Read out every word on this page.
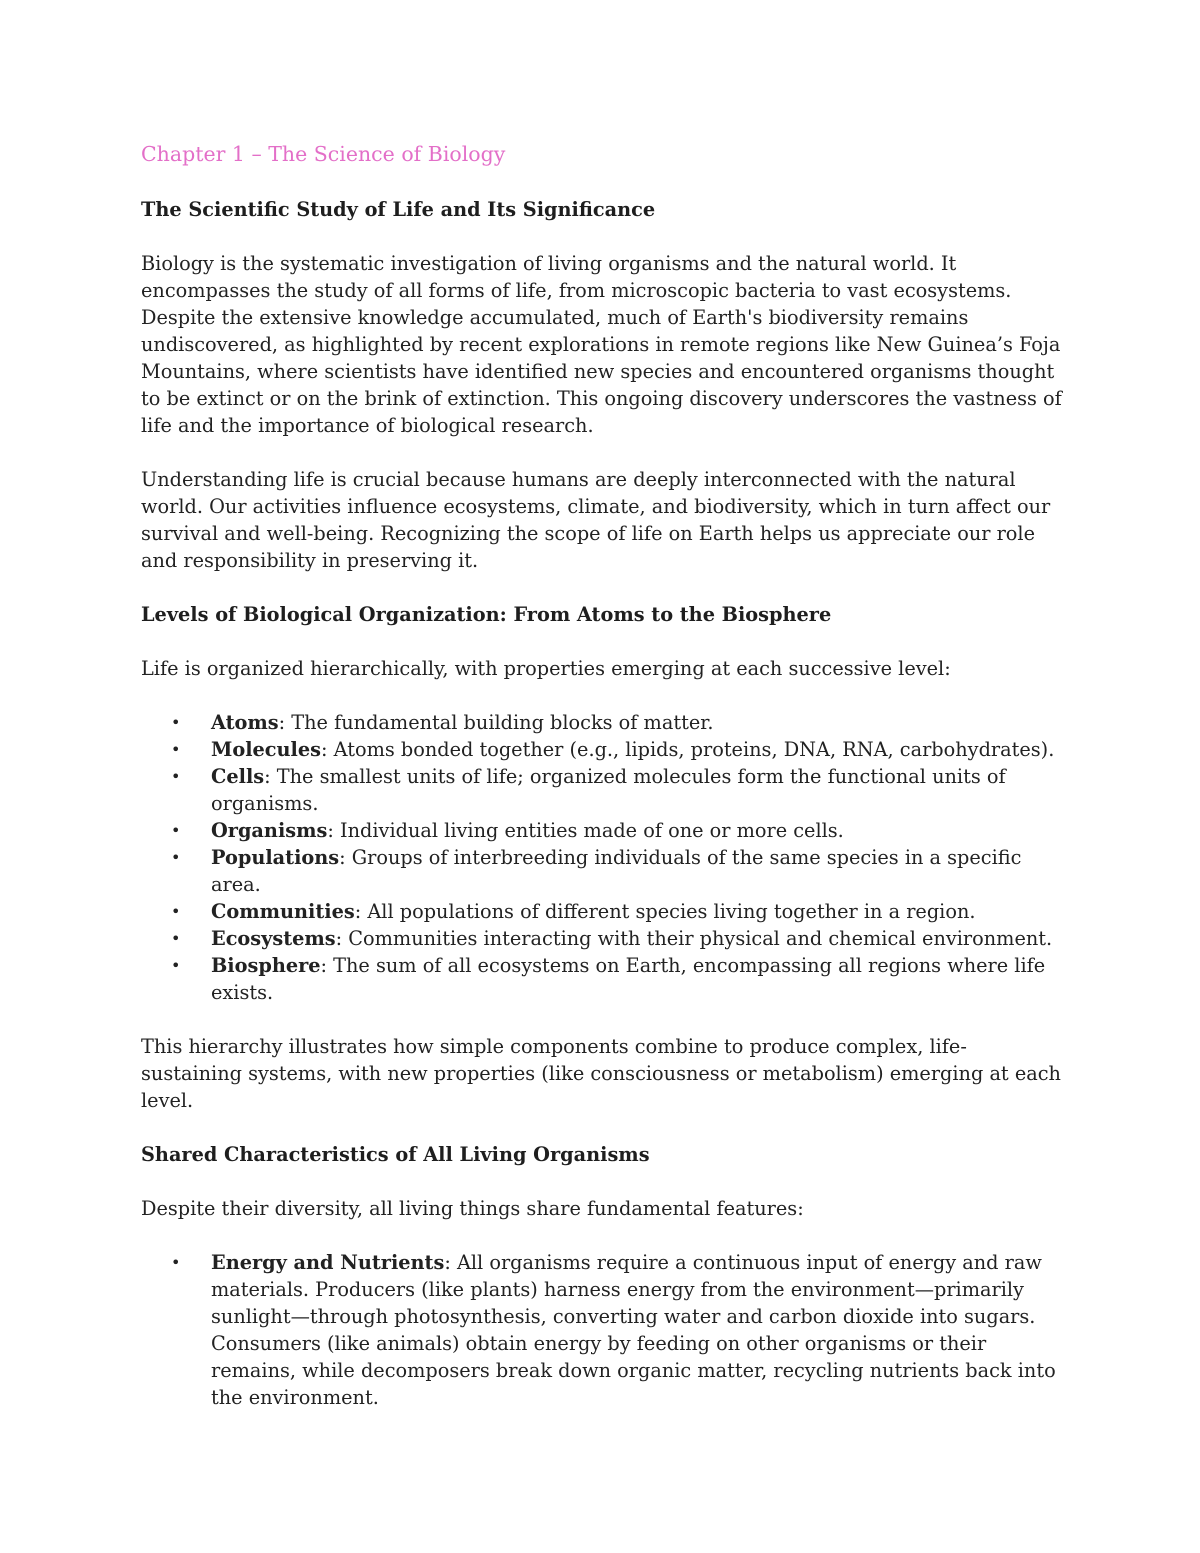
Chapter 1 – The Science of Biology
The Scientific Study of Life and Its Significance

Biology is the systematic investigation of living organisms and the natural world. It encompasses the study of all forms of life, from microscopic bacteria to vast ecosystems. Despite the extensive knowledge accumulated, much of Earth's biodiversity remains undiscovered, as highlighted by recent explorations in remote regions like New Guinea’s Foja Mountains, where scientists have identified new species and encountered organisms thought to be extinct or on the brink of extinction. This ongoing discovery underscores the vastness of life and the importance of biological research.

Understanding life is crucial because humans are deeply interconnected with the natural world. Our activities influence ecosystems, climate, and biodiversity, which in turn affect our survival and well-being. Recognizing the scope of life on Earth helps us appreciate our role and responsibility in preserving it.

Levels of Biological Organization: From Atoms to the Biosphere

Life is organized hierarchically, with properties emerging at each successive level:

• Atoms: The fundamental building blocks of matter.
• Molecules: Atoms bonded together (e.g., lipids, proteins, DNA, RNA, carbohydrates).
• Cells: The smallest units of life; organized molecules form the functional units of organisms.
• Organisms: Individual living entities made of one or more cells.
• Populations: Groups of interbreeding individuals of the same species in a specific area.
• Communities: All populations of different species living together in a region.
• Ecosystems: Communities interacting with their physical and chemical environment.
• Biosphere: The sum of all ecosystems on Earth, encompassing all regions where life exists.

This hierarchy illustrates how simple components combine to produce complex, life-sustaining systems, with new properties (like consciousness or metabolism) emerging at each level.

Shared Characteristics of All Living Organisms

Despite their diversity, all living things share fundamental features:

• Energy and Nutrients: All organisms require a continuous input of energy and raw materials. Producers (like plants) harness energy from the environment—primarily sunlight—through photosynthesis, converting water and carbon dioxide into sugars. Consumers (like animals) obtain energy by feeding on other organisms or their remains, while decomposers break down organic matter, recycling nutrients back into the environment.
